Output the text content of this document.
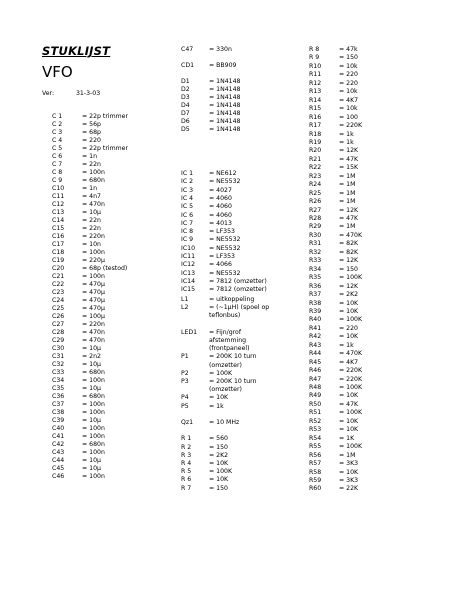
STUKLIJST
VFO
Ver:	31-3-03
C 1	= 22p trimmer
C 2	= 56p
C 3	= 68p
C 4	= 220
C 5	= 22p trimmer
C 6	= 1n
C 7	= 22n
C 8	= 100n
C 9	= 680n
C10	= 1n
C11	= 4n7
C12	= 470n
C13	= 10µ
C14	= 22n
C15	= 22n
C16	= 220n
C17	= 10n
C18	= 100n
C19	= 220µ
C20	= 68p (testod)
C21	= 100n
C22	= 470µ
C23	= 470µ
C24	= 470µ
C25	= 470µ
C26	= 100µ
C27	= 220n
C28	= 470n
C29	= 470n
C30	= 10µ
C31	= 2n2
C32	= 10µ
C33	= 680n
C34	= 100n
C35	= 10µ
C36	= 680n
C37	= 100n
C38	= 100n
C39	= 10µ
C40	= 100n
C41	= 100n
C42	= 680n
C43	= 100n
C44	= 10µ
C45	= 10µ
C46	= 100n
C47	= 330n
CD1	= BB909
D1	= 1N4148
D2	= 1N4148
D3	= 1N4148
D4	= 1N4148
D7	= 1N4148
D6	= 1N4148
D5	= 1N4148
IC 1	= NE612
IC 2	= NE5532
IC 3	= 4027
IC 4	= 4060
IC 5	= 4060
IC 6	= 4060
IC 7	= 4013
IC 8	= LF353
IC 9	= NE5532
IC10	= NE5532
IC11	= LF353
IC12	= 4066
IC13	= NE5532
IC14	= 7812 (omzetter)
IC15	= 7812 (omzetter)
L1	= uitkoppeling
L2	= (~1µH) (spoel op
teflonbus)
LED1	= Fijn/grof
afstemming
(frontpaneel)
P1	= 200K 10 turn
(omzetter)
P2	= 100K
P3	= 200K 10 turn
(omzetter)
P4	= 10K
P5	= 1k
Qz1	= 10 MHz
R 1	= 560
R 2	= 150
R 3	= 2K2
R 4	= 10K
R 5	= 100K
R 6	= 10K
R 7	= 150
R 8	= 47k
R 9	= 150
R10	= 10k
R11	= 220
R12	= 220
R13	= 10k
R14	= 4K7
R15	= 10k
R16	= 100
R17	= 220K
R18	= 1k
R19	= 1k
R20	= 12K
R21	= 47K
R22	= 15K
R23	= 1M
R24	= 1M
R25	= 1M
R26	= 1M
R27	= 12K
R28	= 47K
R29	= 1M
R30	= 470K
R31	= 82K
R32	= 82K
R33	= 12K
R34	= 150
R35	= 100K
R36	= 12K
R37	= 2K2
R38	= 10K
R39	= 10K
R40	= 100K
R41	= 220
R42	= 10K
R43	= 1k
R44	= 470K
R45	= 4K7
R46	= 220K
R47	= 220K
R48	= 100K
R49	= 10K
R50	= 47K
R51	= 100K
R52	= 10K
R53	= 10K
R54	= 1K
R55	= 100K
R56	= 1M
R57	= 3K3
R58	= 10K
R59	= 3K3
R60	= 22K
